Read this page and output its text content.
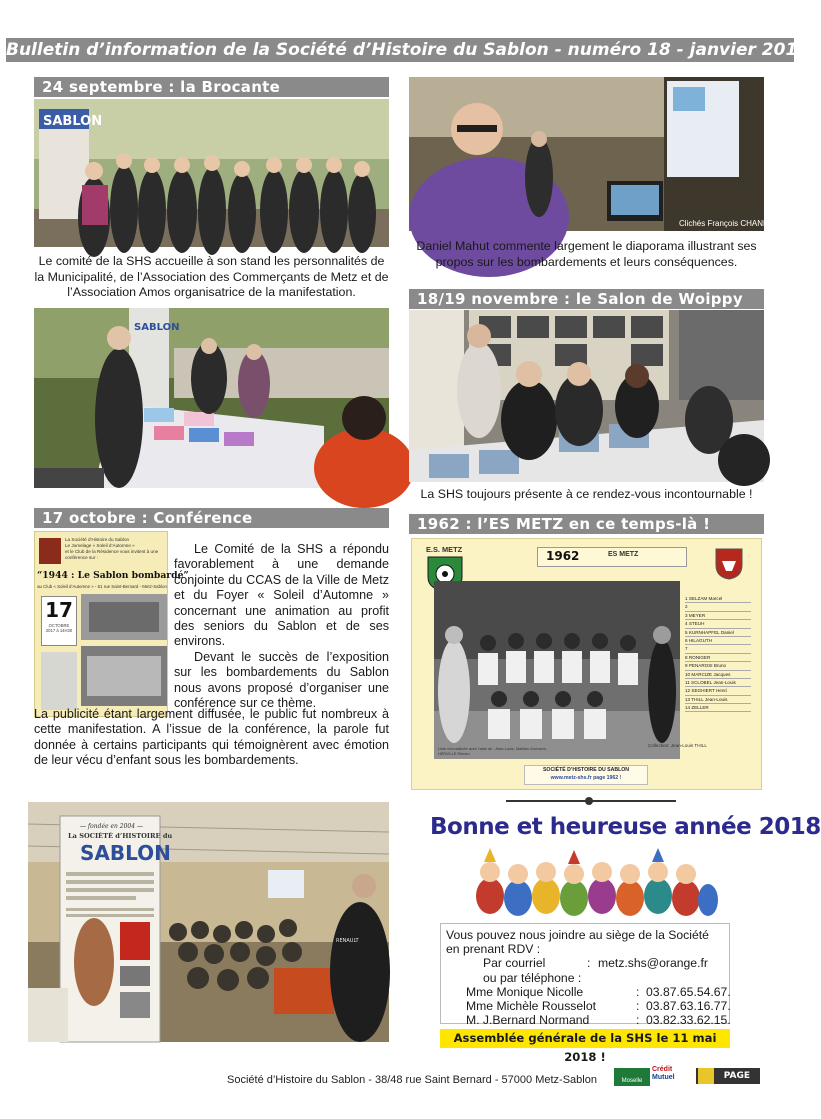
Bulletin d’information de la Société d’Histoire du Sablon - numéro 18 - janvier 2018
24 septembre : la Brocante
SABLON
Le comité de la SHS accueille à son stand les personnalités de la Municipalité, de l’Association des Commerçants de Metz et de l’Association Amos organisatrice de la manifestation.
SABLON
Clichés François CHANNEN
Daniel Mahut commente largement le diaporama illustrant ses propos sur les bombardements et leurs conséquences.
18/19 novembre : le Salon de Woippy
La SHS toujours présente à ce rendez-vous incontournable !
17 octobre : Conférence
La Société d’Histoire du Sablon
Le Jumelage « Soleil d’Automne »
et le Club de la Résidence vous invitent à une
conférence sur :
“1944 : Le Sablon bombardé”
au Club « Soleil d’Automne » - 51 rue Saint-Bernard - Metz-Sablon
17
OCTOBRE 2017 à 14H30

Le Comité de la SHS a répondu favorablement à une demande conjointe du CCAS de la Ville de Metz et du Foyer « Soleil d’Automne » concernant une animation au profit des seniors du Sablon et de ses environs.

Devant le succès de l’exposition sur les bombardements du Sablon nous avons proposé d’organiser une conférence sur ce thème.

La publicité étant largement diffusée, le public fut nombreux à cette manifestation. A l’issue de la conférence, la parole fut donnée à certains participants qui témoignèrent avec émotion de leur vécu d’enfant sous les bombardements.

— fondée en 2004 —
La SOCIÉTÉ d’HISTOIRE du
SABLON
RENAULT
1962 : l’ES METZ en ce temps-là !
E.S. METZ	1962	ES METZ
1 SELZAM Marcel
2
3 MEYER
4 STEUH
5 KURNHAPFEL Daniel
6 HILAGUTH
7
8 RONIGER
9 PENAROSI Bruno
10 MARCIZE Jacques
11 SCLOBEL Jean-Louis
12 SEGHIERT Henri
13 THILL Jean-Louis
14 ZELLER
Liste reconstituée avec l’aide de : Jean-Louis, Mathieu Kormann, HERVILLE Rémen
Collection: Jean-Louis THILL
SOCIÉTÉ D’HISTOIRE DU SABLON
www.metz-shs.fr page 1962 !
Bonne et heureuse année 2018
Vous pouvez nous joindre au siège de la Société en prenant RDV :
Par courriel	: metz.shs@orange.fr
ou par téléphone :
Mme Monique Nicolle	: 03.87.65.54.67.
Mme Michèle Rousselot	: 03.87.63.16.77.
M. J.Bernard Normand	: 03.82.33.62.15.
Assemblée générale de la SHS le 11 mai 2018 !
Société d’Histoire du Sablon - 38/48 rue Saint Bernard - 57000 Metz-Sablon	Moselle
Crédit Mutuel	PAGE
